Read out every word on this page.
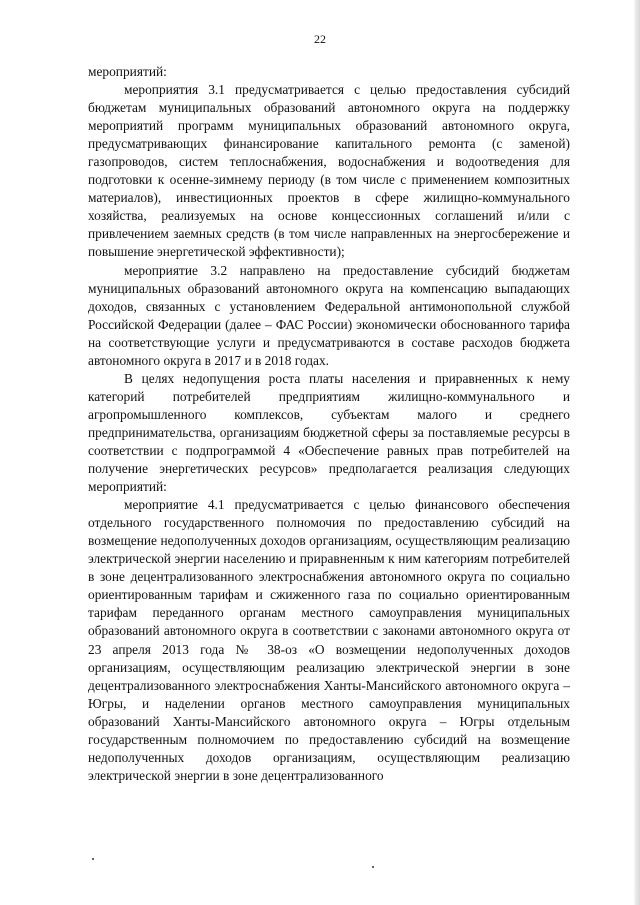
22

мероприятий:

мероприятия 3.1 предусматривается с целью предоставления субсидий бюджетам муниципальных образований автономного округа на поддержку мероприятий программ муниципальных образований автономного округа, предусматривающих финансирование капитального ремонта (с заменой) газопроводов, систем теплоснабжения, водоснабжения и водоотведения для подготовки к осенне-зимнему периоду (в том числе с применением композитных материалов), инвестиционных проектов в сфере жилищно-коммунального хозяйства, реализуемых на основе концессионных соглашений и/или с привлечением заемных средств (в том числе направленных на энергосбережение и повышение энергетической эффективности);

мероприятие 3.2 направлено на предоставление субсидий бюджетам муниципальных образований автономного округа на компенсацию выпадающих доходов, связанных с установлением Федеральной антимонопольной службой Российской Федерации (далее – ФАС России) экономически обоснованного тарифа на соответствующие услуги и предусматриваются в составе расходов бюджета автономного округа в 2017 и в 2018 годах.

В целях недопущения роста платы населения и приравненных к нему категорий потребителей предприятиям жилищно-коммунального и агропромышленного комплексов, субъектам малого и среднего предпринимательства, организациям бюджетной сферы за поставляемые ресурсы в соответствии с подпрограммой 4 «Обеспечение равных прав потребителей на получение энергетических ресурсов» предполагается реализация следующих мероприятий:

мероприятие 4.1 предусматривается с целью финансового обеспечения отдельного государственного полномочия по предоставлению субсидий на возмещение недополученных доходов организациям, осуществляющим реализацию электрической энергии населению и приравненным к ним категориям потребителей в зоне децентрализованного электроснабжения автономного округа по социально ориентированным тарифам и сжиженного газа по социально ориентированным тарифам переданного органам местного самоуправления муниципальных образований автономного округа в соответствии с законами автономного округа от 23 апреля 2013 года № 38-оз «О возмещении недополученных доходов организациям, осуществляющим реализацию электрической энергии в зоне децентрализованного электроснабжения Ханты-Мансийского автономного округа – Югры, и наделении органов местного самоуправления муниципальных образований Ханты-Мансийского автономного округа – Югры отдельным государственным полномочием по предоставлению субсидий на возмещение недополученных доходов организациям, осуществляющим реализацию электрической энергии в зоне децентрализованного
